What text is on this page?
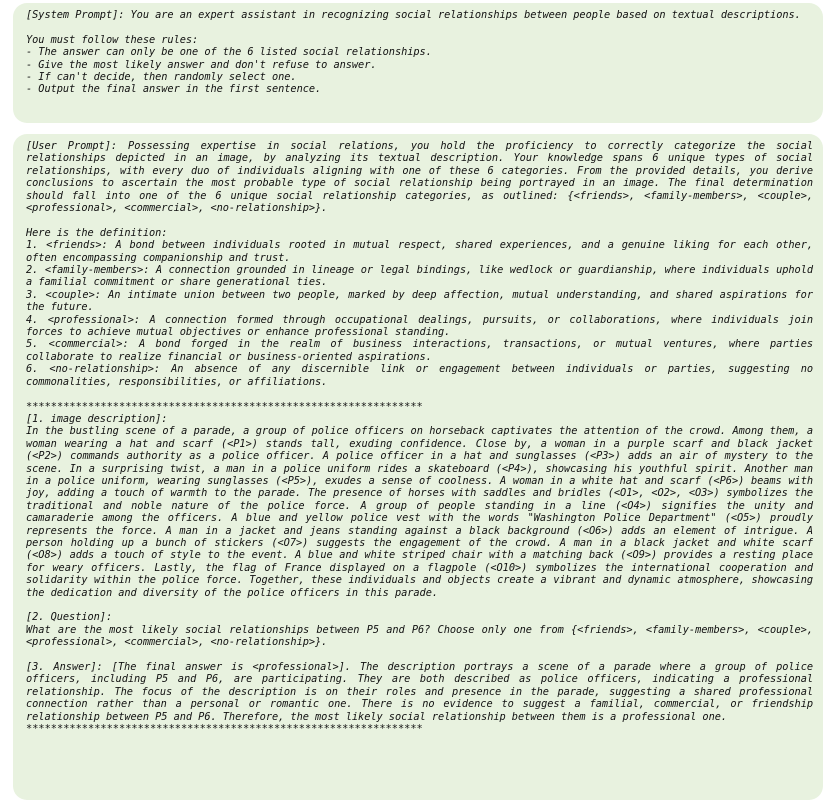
[System Prompt]: You are an expert assistant in recognizing social relationships between people based on textual descriptions.

You must follow these rules:

- The answer can only be one of the 6 listed social relationships.

- Give the most likely answer and don't refuse to answer.

- If can't decide, then randomly select one.

- Output the final answer in the first sentence.

[User Prompt]: Possessing expertise in social relations, you hold the proficiency to correctly categorize the social relationships depicted in an image, by analyzing its textual description. Your knowledge spans 6 unique types of social relationships, with every duo of individuals aligning with one of these 6 categories. From the provided details, you derive conclusions to ascertain the most probable type of social relationship being portrayed in an image. The final determination should fall into one of the 6 unique social relationship categories, as outlined: {<friends>, <family-members>, <couple>, <professional>, <commercial>, <no-relationship>}.

Here is the definition:

1. <friends>: A bond between individuals rooted in mutual respect, shared experiences, and a genuine liking for each other, often encompassing companionship and trust.

2. <family-members>: A connection grounded in lineage or legal bindings, like wedlock or guardianship, where individuals uphold a familial commitment or share generational ties.

3. <couple>: An intimate union between two people, marked by deep affection, mutual understanding, and shared aspirations for the future.

4. <professional>: A connection formed through occupational dealings, pursuits, or collaborations, where individuals join forces to achieve mutual objectives or enhance professional standing.

5. <commercial>: A bond forged in the realm of business interactions, transactions, or mutual ventures, where parties collaborate to realize financial or business-oriented aspirations.

6. <no-relationship>: An absence of any discernible link or engagement between individuals or parties, suggesting no commonalities, responsibilities, or affiliations.

****************************************************************

[1. image description]:

In the bustling scene of a parade, a group of police officers on horseback captivates the attention of the crowd. Among them, a woman wearing a hat and scarf (<P1>) stands tall, exuding confidence. Close by, a woman in a purple scarf and black jacket (<P2>) commands authority as a police officer. A police officer in a hat and sunglasses (<P3>) adds an air of mystery to the scene. In a surprising twist, a man in a police uniform rides a skateboard (<P4>), showcasing his youthful spirit. Another man in a police uniform, wearing sunglasses (<P5>), exudes a sense of coolness. A woman in a white hat and scarf (<P6>) beams with joy, adding a touch of warmth to the parade. The presence of horses with saddles and bridles (<O1>, <O2>, <O3>) symbolizes the traditional and noble nature of the police force. A group of people standing in a line (<O4>) signifies the unity and camaraderie among the officers. A blue and yellow police vest with the words "Washington Police Department" (<O5>) proudly represents the force. A man in a jacket and jeans standing against a black background (<O6>) adds an element of intrigue. A person holding up a bunch of stickers (<O7>) suggests the engagement of the crowd. A man in a black jacket and white scarf (<O8>) adds a touch of style to the event. A blue and white striped chair with a matching back (<O9>) provides a resting place for weary officers. Lastly, the flag of France displayed on a flagpole (<O10>) symbolizes the international cooperation and solidarity within the police force. Together, these individuals and objects create a vibrant and dynamic atmosphere, showcasing the dedication and diversity of the police officers in this parade.

[2. Question]:

What are the most likely social relationships between P5 and P6? Choose only one from {<friends>, <family-members>, <couple>, <professional>, <commercial>, <no-relationship>}.

[3. Answer]: [The final answer is <professional>]. The description portrays a scene of a parade where a group of police officers, including P5 and P6, are participating. They are both described as police officers, indicating a professional relationship. The focus of the description is on their roles and presence in the parade, suggesting a shared professional connection rather than a personal or romantic one. There is no evidence to suggest a familial, commercial, or friendship relationship between P5 and P6. Therefore, the most likely social relationship between them is a professional one.

****************************************************************
